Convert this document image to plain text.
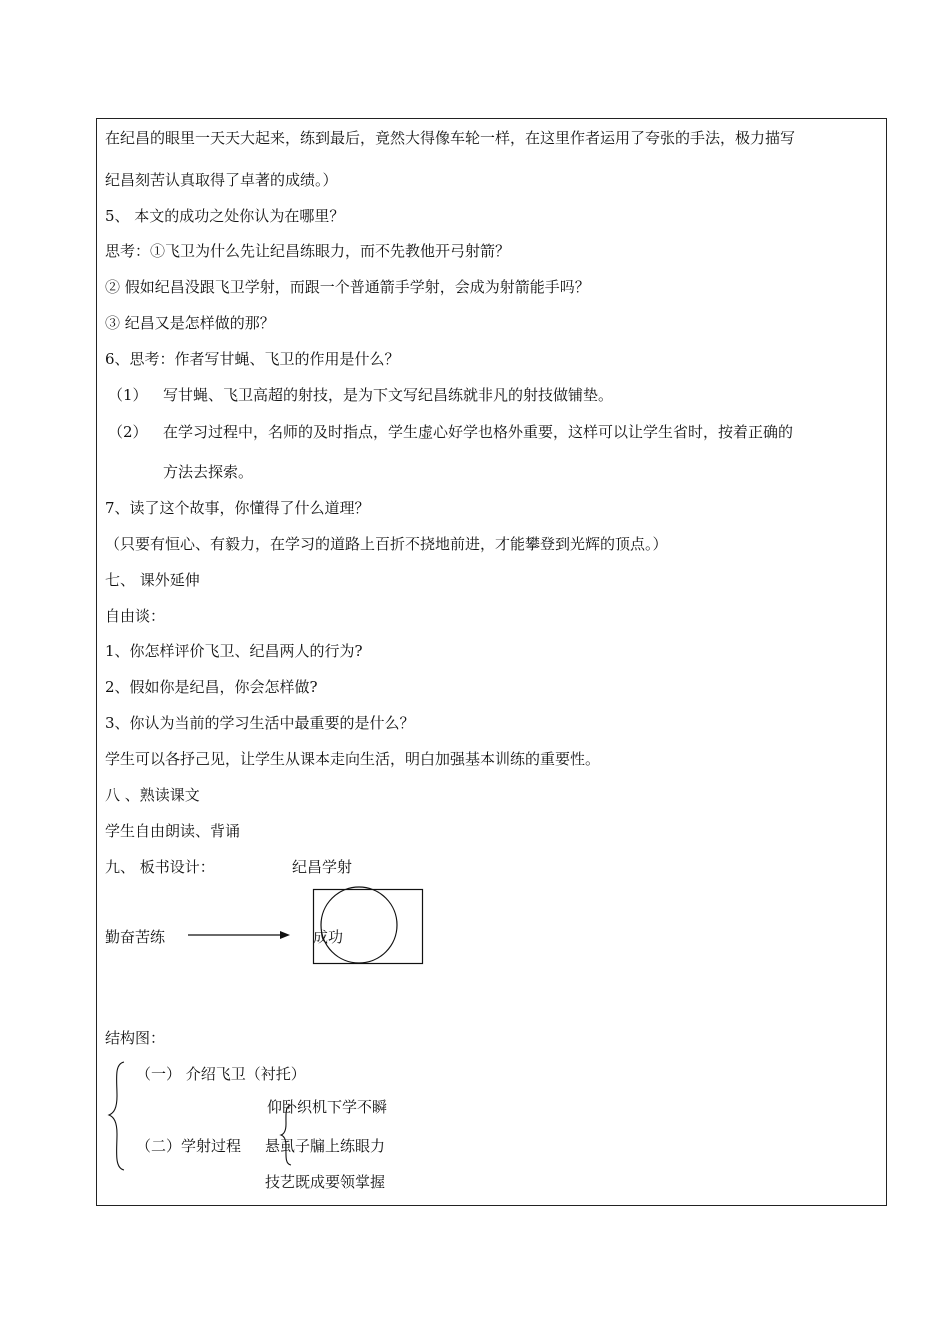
在纪昌的眼里一天天大起来，练到最后，竟然大得像车轮一样，在这里作者运用了夸张的手法，极力描写
纪昌刻苦认真取得了卓著的成绩。）
5、 本文的成功之处你认为在哪里？
思考：①飞卫为什么先让纪昌练眼力，而不先教他开弓射箭？
② 假如纪昌没跟飞卫学射，而跟一个普通箭手学射，会成为射箭能手吗？
③ 纪昌又是怎样做的那？
6、思考：作者写甘蝇、飞卫的作用是什么？
（1） 写甘蝇、飞卫高超的射技，是为下文写纪昌练就非凡的射技做铺垫。
（2） 在学习过程中，名师的及时指点，学生虚心好学也格外重要，这样可以让学生省时，按着正确的
方法去探索。
7、读了这个故事，你懂得了什么道理？
（只要有恒心、有毅力，在学习的道路上百折不挠地前进，才能攀登到光辉的顶点。）
七、 课外延伸
自由谈：
1、你怎样评价飞卫、纪昌两人的行为?
2、假如你是纪昌，你会怎样做?
3、你认为当前的学习生活中最重要的是什么？
学生可以各抒己见，让学生从课本走向生活，明白加强基本训练的重要性。
八 、熟读课文
学生自由朗读、背诵
九、 板书设计：	纪昌学射
勤奋苦练	成功
结构图：
（一） 介绍飞卫（衬托）
（二）学射过程
仰卧织机下学不瞬
悬虱子牖上练眼力
技艺既成要领掌握
